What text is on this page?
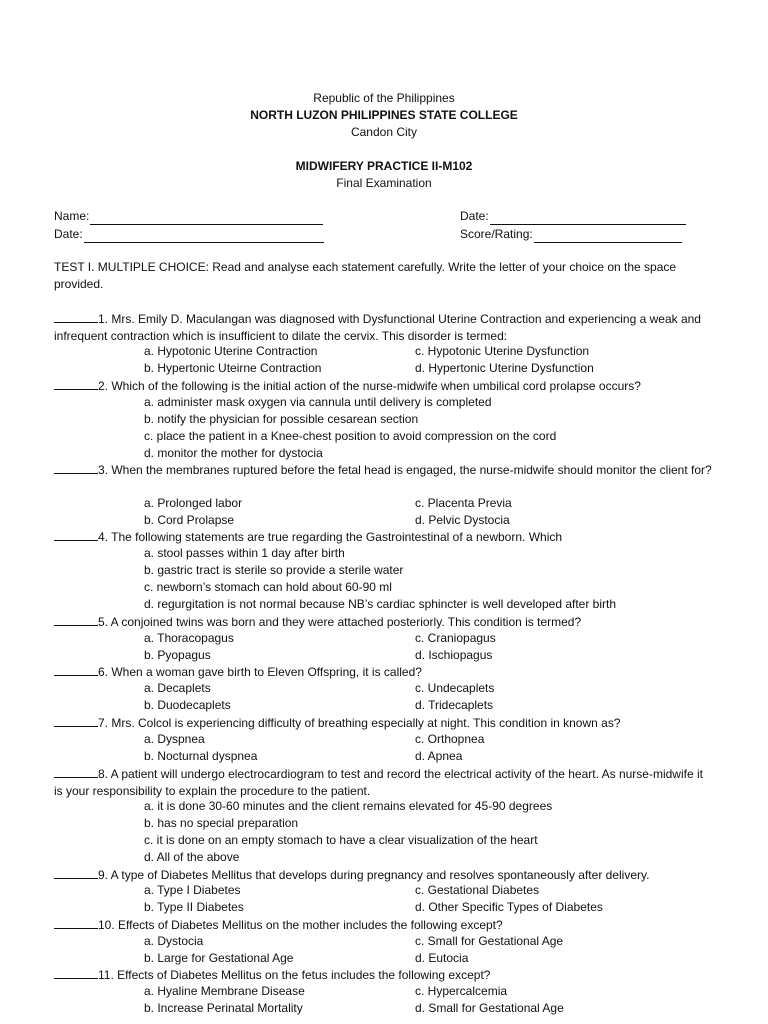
Republic of the Philippines
NORTH LUZON PHILIPPINES STATE COLLEGE
Candon City
MIDWIFERY PRACTICE II-M102
Final Examination
Name:	Date:
Date:	Score/Rating:
TEST I. MULTIPLE CHOICE: Read and analyse each statement carefully. Write the letter of your choice on the space provided.
1. Mrs. Emily D. Maculangan was diagnosed with Dysfunctional Uterine Contraction and experiencing a weak and infrequent contraction which is insufficient to dilate the cervix. This disorder is termed:
a. Hypotonic Uterine Contraction	c. Hypotonic Uterine Dysfunction
b. Hypertonic Uteirne Contraction	d. Hypertonic Uterine Dysfunction
2. Which of the following is the initial action of the nurse-midwife when umbilical cord prolapse occurs?
a. administer mask oxygen via cannula until delivery is completed
b. notify the physician for possible cesarean section
c. place the patient in a Knee-chest position to avoid compression on the cord
d. monitor the mother for dystocia
3. When the membranes ruptured before the fetal head is engaged, the nurse-midwife should monitor the client for?
a. Prolonged labor	c. Placenta Previa
b. Cord Prolapse	d. Pelvic Dystocia
4. The following statements are true regarding the Gastrointestinal of a newborn. Which
a. stool passes within 1 day after birth
b. gastric tract is sterile so provide a sterile water
c. newborn’s stomach can hold about 60-90 ml
d. regurgitation is not normal because NB’s cardiac sphincter is well developed after birth
5. A conjoined twins was born and they were attached posteriorly. This condition is termed?
a. Thoracopagus	c. Craniopagus
b. Pyopagus	d. Ischiopagus
6. When a woman gave birth to Eleven Offspring, it is called?
a. Decaplets	c. Undecaplets
b. Duodecaplets	d. Tridecaplets
7. Mrs. Colcol is experiencing difficulty of breathing especially at night. This condition in known as?
a. Dyspnea	c. Orthopnea
b. Nocturnal dyspnea	d. Apnea
8. A patient will undergo electrocardiogram to test and record the electrical activity of the heart. As nurse-midwife it is your responsibility to explain the procedure to the patient.
a. it is done 30-60 minutes and the client remains elevated for 45-90 degrees
b. has no special preparation
c. it is done on an empty stomach to have a clear visualization of the heart
d. All of the above
9. A type of Diabetes Mellitus that develops during pregnancy and resolves spontaneously after delivery.
a. Type I Diabetes	c. Gestational Diabetes
b. Type II Diabetes	d. Other Specific Types of Diabetes
10. Effects of Diabetes Mellitus on the mother includes the following except?
a. Dystocia	c. Small for Gestational Age
b. Large for Gestational Age	d. Eutocia
11. Effects of Diabetes Mellitus on the fetus includes the following except?
a. Hyaline Membrane Disease	c. Hypercalcemia
b. Increase Perinatal Mortality	d. Small for Gestational Age
